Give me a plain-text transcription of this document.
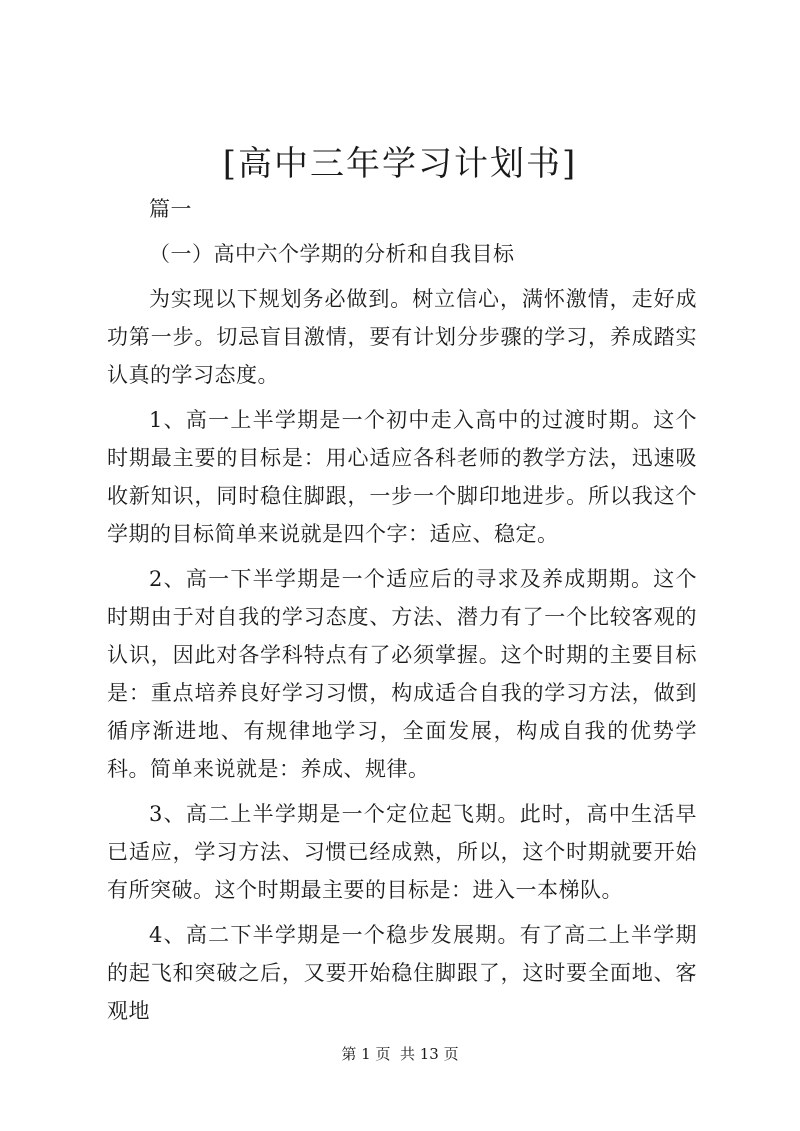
[高中三年学习计划书]

篇一

（一）高中六个学期的分析和自我目标

为实现以下规划务必做到。树立信心，满怀激情，走好成功第一步。切忌盲目激情，要有计划分步骤的学习，养成踏实认真的学习态度。

1、高一上半学期是一个初中走入高中的过渡时期。这个时期最主要的目标是：用心适应各科老师的教学方法，迅速吸收新知识，同时稳住脚跟，一步一个脚印地进步。所以我这个学期的目标简单来说就是四个字：适应、稳定。

2、高一下半学期是一个适应后的寻求及养成期期。这个时期由于对自我的学习态度、方法、潜力有了一个比较客观的认识，因此对各学科特点有了必须掌握。这个时期的主要目标是：重点培养良好学习习惯，构成适合自我的学习方法，做到循序渐进地、有规律地学习，全面发展，构成自我的优势学科。简单来说就是：养成、规律。

3、高二上半学期是一个定位起飞期。此时，高中生活早已适应，学习方法、习惯已经成熟，所以，这个时期就要开始有所突破。这个时期最主要的目标是：进入一本梯队。

4、高二下半学期是一个稳步发展期。有了高二上半学期的起飞和突破之后，又要开始稳住脚跟了，这时要全面地、客观地

第 1 页  共 13 页
